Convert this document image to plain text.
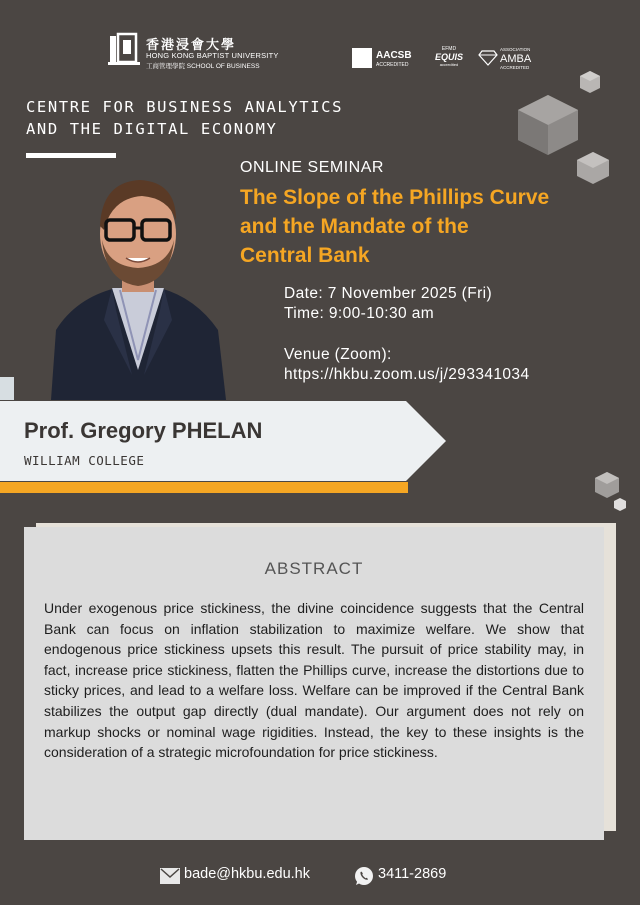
香港浸會大學
HONG KONG BAPTIST UNIVERSITY
工商管理學院 SCHOOL OF BUSINESS
AACSB
ACCREDITED
EFMD
EQUIS
accredited
ASSOCIATION
AMBA
ACCREDITED
CENTRE FOR BUSINESS ANALYTICS
AND THE DIGITAL ECONOMY
ONLINE SEMINAR
The Slope of the Phillips Curve
and the Mandate of the
Central Bank
Date: 7 November 2025 (Fri)
Time: 9:00-10:30 am
Venue (Zoom):
https://hkbu.zoom.us/j/293341034
Prof. Gregory PHELAN
WILLIAM COLLEGE
ABSTRACT
Under exogenous price stickiness, the divine coincidence suggests that the Central Bank can focus on inflation stabilization to maximize welfare. We show that endogenous price stickiness upsets this result. The pursuit of price stability may, in fact, increase price stickiness, flatten the Phillips curve, increase the distortions due to sticky prices, and lead to a welfare loss. Welfare can be improved if the Central Bank stabilizes the output gap directly (dual mandate). Our argument does not rely on markup shocks or nominal wage rigidities. Instead, the key to these insights is the consideration of a strategic microfoundation for price stickiness.
bade@hkbu.edu.hk	3411-2869
